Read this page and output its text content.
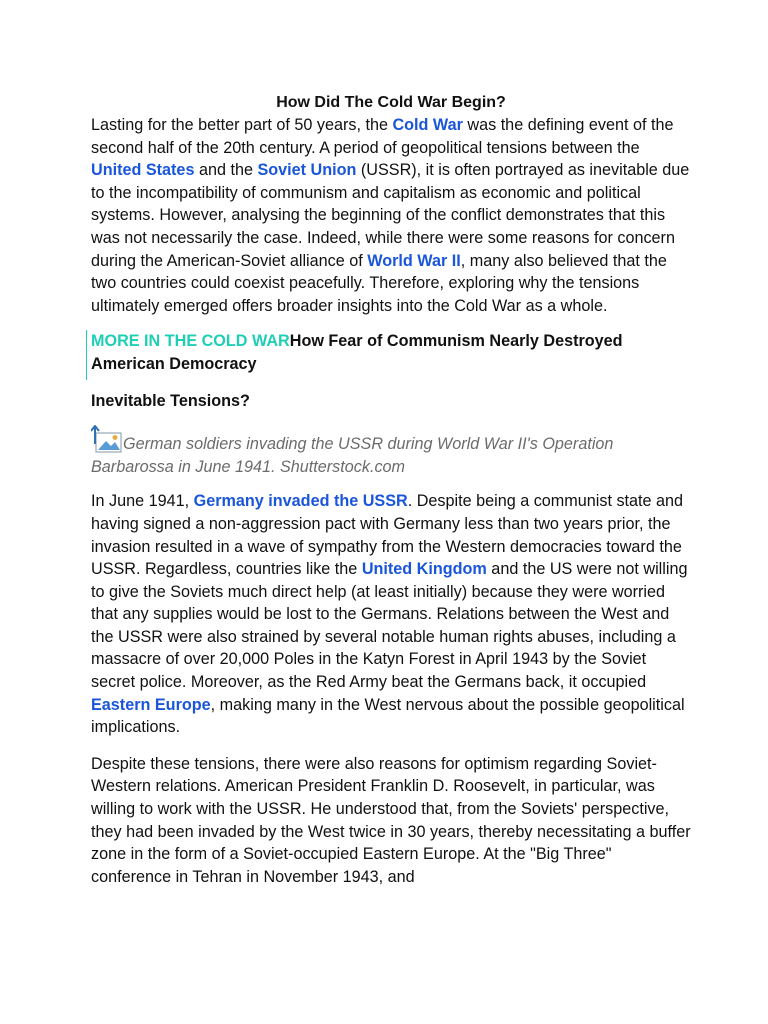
How Did The Cold War Begin?

Lasting for the better part of 50 years, the Cold War was the defining event of the second half of the 20th century. A period of geopolitical tensions between the United States and the Soviet Union (USSR), it is often portrayed as inevitable due to the incompatibility of communism and capitalism as economic and political systems. However, analysing the beginning of the conflict demonstrates that this was not necessarily the case. Indeed, while there were some reasons for concern during the American-Soviet alliance of World War II, many also believed that the two countries could coexist peacefully. Therefore, exploring why the tensions ultimately emerged offers broader insights into the Cold War as a whole.

MORE IN THE COLD WARHow Fear of Communism Nearly Destroyed American Democracy
Inevitable Tensions?
German soldiers invading the USSR during World War II's Operation Barbarossa in June 1941. Shutterstock.com

In June 1941, Germany invaded the USSR. Despite being a communist state and having signed a non-aggression pact with Germany less than two years prior, the invasion resulted in a wave of sympathy from the Western democracies toward the USSR. Regardless, countries like the United Kingdom and the US were not willing to give the Soviets much direct help (at least initially) because they were worried that any supplies would be lost to the Germans. Relations between the West and the USSR were also strained by several notable human rights abuses, including a massacre of over 20,000 Poles in the Katyn Forest in April 1943 by the Soviet secret police. Moreover, as the Red Army beat the Germans back, it occupied Eastern Europe, making many in the West nervous about the possible geopolitical implications.

Despite these tensions, there were also reasons for optimism regarding Soviet-Western relations. American President Franklin D. Roosevelt, in particular, was willing to work with the USSR. He understood that, from the Soviets' perspective, they had been invaded by the West twice in 30 years, thereby necessitating a buffer zone in the form of a Soviet-occupied Eastern Europe. At the "Big Three" conference in Tehran in November 1943, and
